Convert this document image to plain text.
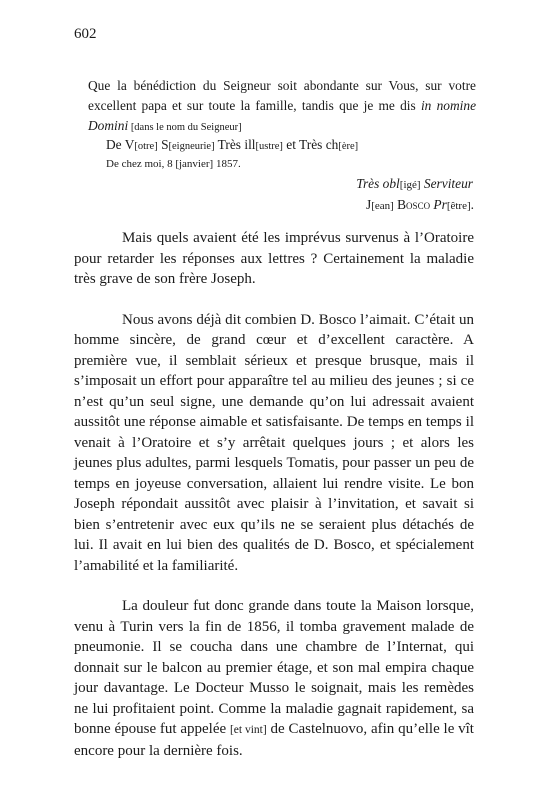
602

Que la bénédiction du Seigneur soit abondante sur Vous, sur votre excellent papa et sur toute la famille, tandis que je me dis in nomine Domini [dans le nom du Seigneur]

De V[otre] S[eigneurie] Très ill[ustre] et Très ch[ère]
De chez moi, 8 [janvier] 1857.
Très obl[igé] Serviteur
J[ean] Bosco Pr[être].

Mais quels avaient été les imprévus survenus à l’Oratoire pour retarder les réponses aux lettres ? Certainement la maladie très grave de son frère Joseph.

Nous avons déjà dit combien D. Bosco l’aimait. C’était un homme sincère, de grand cœur et d’excellent caractère. A première vue, il semblait sérieux et presque brusque, mais il s’imposait un effort pour apparaître tel au milieu des jeunes ; si ce n’est qu’un seul signe, une demande qu’on lui adressait avaient aussitôt une réponse aimable et satisfaisante. De temps en temps il venait à l’Oratoire et s’y arrêtait quelques jours ; et alors les jeunes plus adultes, parmi lesquels Tomatis, pour passer un peu de temps en joyeuse conversation, allaient lui rendre visite. Le bon Joseph répondait aussitôt avec plaisir à l’invitation, et savait si bien s’entretenir avec eux qu’ils ne se seraient plus détachés de lui. Il avait en lui bien des qualités de D. Bosco, et spécialement l’amabilité et la familiarité.

La douleur fut donc grande dans toute la Maison lorsque, venu à Turin vers la fin de 1856, il tomba gravement malade de pneumonie. Il se coucha dans une chambre de l’Internat, qui donnait sur le balcon au premier étage, et son mal empira chaque jour davantage. Le Docteur Musso le soignait, mais les remèdes ne lui profitaient point. Comme la maladie gagnait rapidement, sa bonne épouse fut appelée [et vint] de Castelnuovo, afin qu’elle le vît encore pour la dernière fois.
